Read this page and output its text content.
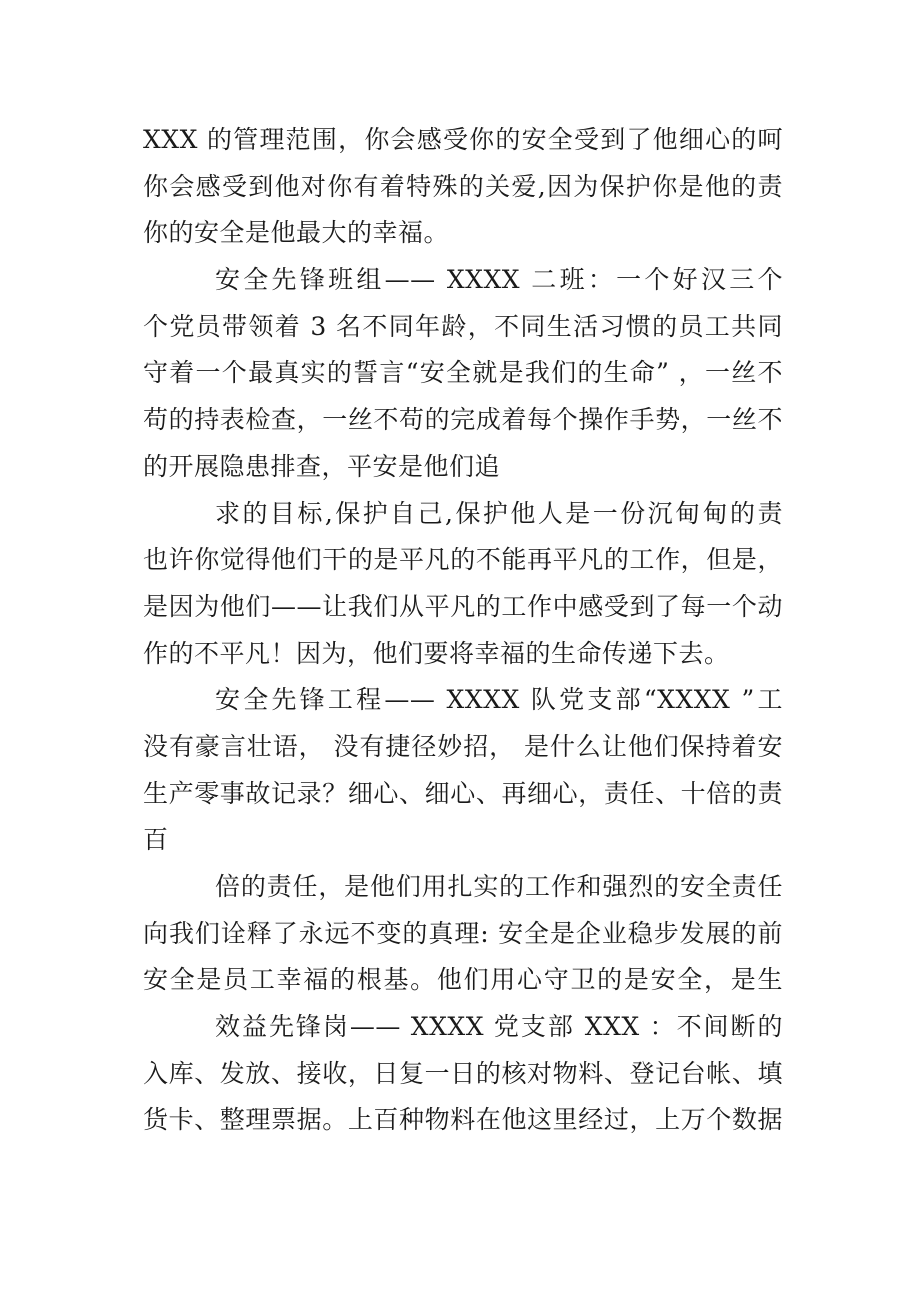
XXX 的管理范围，你会感受你的安全受到了他细心的呵
你会感受到他对你有着特殊的关爱,因为保护你是他的责
你的安全是他最大的幸福。
安全先锋班组—— XXXX 二班：一个好汉三个
个党员带领着 3 名不同年龄，不同生活习惯的员工共同
守着一个最真实的誓言“安全就是我们的生命” ，一丝不
苟的持表检查，一丝不苟的完成着每个操作手势，一丝不
的开展隐患排查，平安是他们追
求的目标,保护自己,保护他人是一份沉甸甸的责
也许你觉得他们干的是平凡的不能再平凡的工作，但是，
是因为他们——让我们从平凡的工作中感受到了每一个动
作的不平凡！因为，他们要将幸福的生命传递下去。
安全先锋工程—— XXXX 队党支部“XXXX ”工
没有豪言壮语， 没有捷径妙招， 是什么让他们保持着安
生产零事故记录？细心、细心、再细心，责任、十倍的责
百
倍的责任，是他们用扎实的工作和强烈的安全责任
向我们诠释了永远不变的真理: 安全是企业稳步发展的前
安全是员工幸福的根基。他们用心守卫的是安全，是生
效益先锋岗—— XXXX 党支部 XXX ：不间断的
入库、发放、接收，日复一日的核对物料、登记台帐、填
货卡、整理票据。上百种物料在他这里经过，上万个数据
